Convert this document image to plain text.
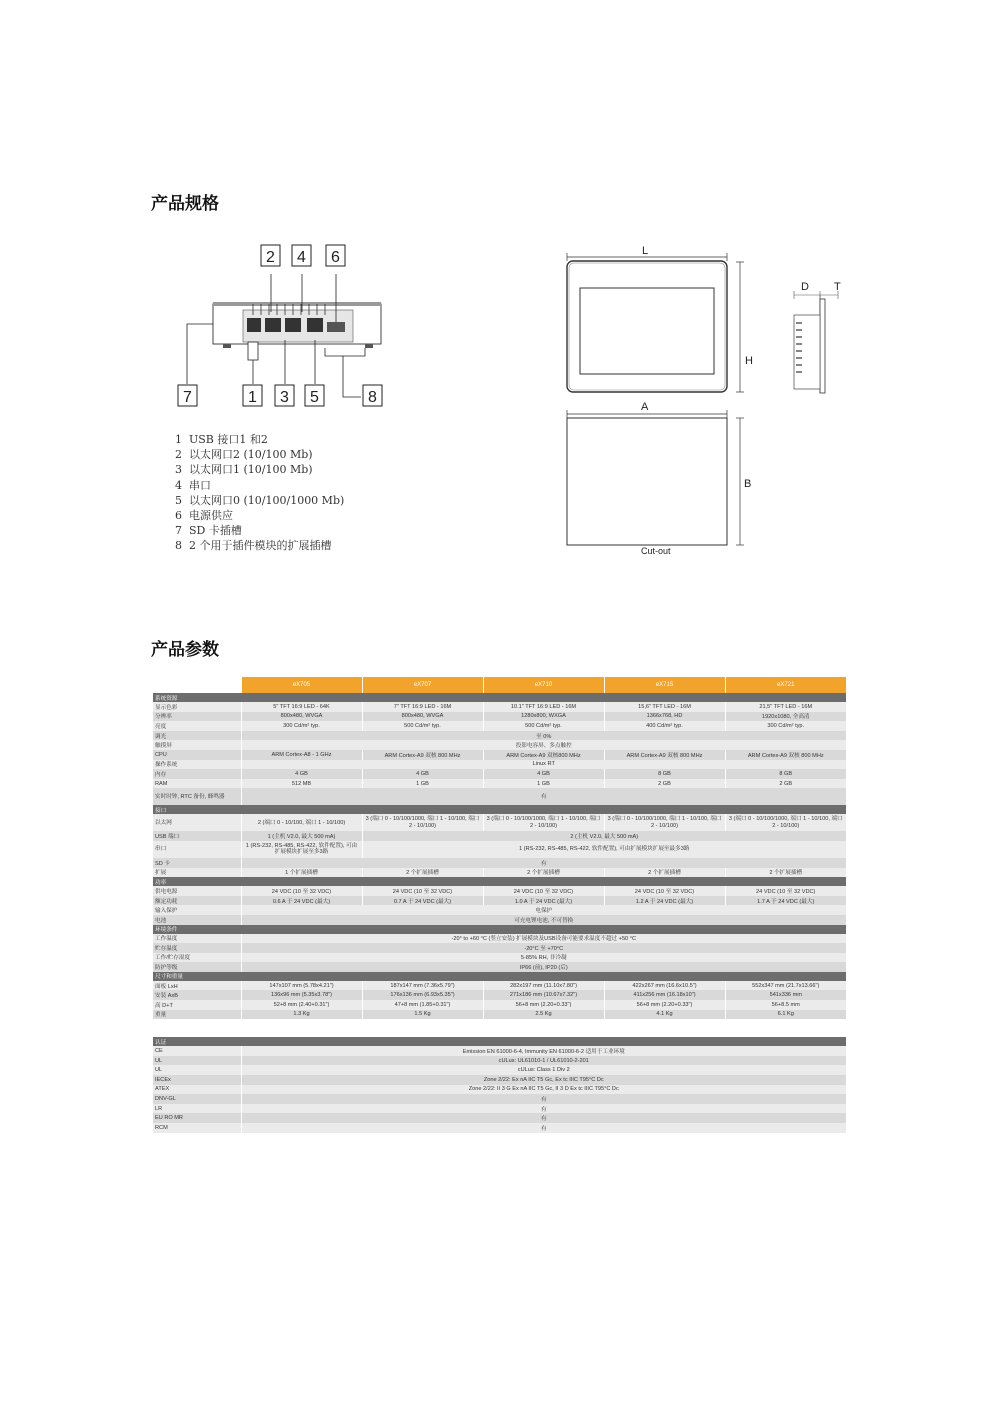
产品规格
2 4 6
7	1 3 5	8
1 USB 接口1 和2
2 以太网口2 (10/100 Mb)
3 以太网口1 (10/100 Mb)
4 串口
5 以太网口0 (10/100/1000 Mb)
6 电源供应
7 SD 卡插槽
8 2 个用于插件模块的扩展插槽
L
H
D T
A
B
Cut-out
产品参数
	eX705	eX707	eX710	eX715	eX721
系统资源					
显示色彩	5" TFT 16:9 LED - 64K	7" TFT 16:9 LED - 16M	10.1" TFT 16:9 LED - 16M	15,6" TFT LED - 16M	21,5" TFT LED - 16M
分辨率	800x480, WVGA	800x480, WVGA	1280x800, WXGA	1366x768, HD	1920x1080, 全高清
亮度	300 Cd/m² typ.	500 Cd/m² typ.	500 Cd/m² typ.	400 Cd/m² typ.	300 Cd/m² typ.
调光	至 0%				
触摸屏	投影电容屏、多点触控				
CPU	ARM Cortex-A8 - 1 GHz	ARM Cortex-A9 双核 800 MHz	ARM Cortex-A9 双核800 MHz	ARM Cortex-A9 双核 800 MHz	ARM Cortex-A9 双核 800 MHz
操作系统	Linux RT				
内存	4 GB	4 GB	4 GB	8 GB	8 GB
RAM	512 MB	1 GB	1 GB	2 GB	2 GB
实时时钟, RTC 备份, 蜂鸣器	有				
接口					
以太网	2 (端口 0 - 10/100, 端口 1 - 10/100)	3 (端口 0 - 10/100/1000, 端口 1 - 10/100, 端口 2 - 10/100)	3 (端口 0 - 10/100/1000, 端口 1 - 10/100, 端口 2 - 10/100)	3 (端口 0 - 10/100/1000, 端口 1 - 10/100, 端口 2 - 10/100)	3 (端口 0 - 10/100/1000, 端口 1 - 10/100, 端口 2 - 10/100)
USB 端口	1 (主机 V2.0, 最大 500 mA)	2 (主机 V2.0, 最大 500 mA)			
串口	1 (RS-232, RS-485, RS-422, 软件配置), 可由扩展模块扩展至多3路	1 (RS-232, RS-485, RS-422, 软件配置), 可由扩展模块扩展至最多3路			
SD 卡	有				
扩展	1 个扩展插槽	2 个扩展插槽	2 个扩展插槽	2 个扩展插槽	2 个扩展插槽
功率					
供电电源	24 VDC (10 至 32 VDC)	24 VDC (10 至 32 VDC)	24 VDC (10 至 32 VDC)	24 VDC (10 至 32 VDC)	24 VDC (10 至 32 VDC)
额定功耗	0.6 A 于 24 VDC (最大)	0.7 A 于 24 VDC (最大)	1.0 A 于 24 VDC (最大)	1.2 A 于 24 VDC (最大)	1.7 A 于 24 VDC (最大)
输入保护	电保护				
电池	可充电锂电池, 不可替换				
环境条件					
工作温度	-20° to +60 °C (竖立安装) 扩展模块及USB设备可能要求温度不超过 +50 °C				
贮存温度	-20°C 至 +70°C				
工作/贮存湿度	5-85% RH, 非冷凝				
防护等级	IP66 (前), IP20 (后)				
尺寸和重量					
面板 LxH	147x107 mm (5.78x4.21")	187x147 mm (7.36x5.79")	282x197 mm (11.10x7.80")	422x267 mm (16.6x10.5")	552x347 mm (21.7x13.66")
安装 AxB	136x96 mm (5.35x3.78")	176x136 mm (6.93x5.35")	271x186 mm (10.67x7.32")	411x256 mm (16.18x10")	541x336 mm
高 D+T	52+8 mm (2.40+0.31")	47+8 mm (1.85+0.31")	56+8 mm (2.20+0.33")	56+8 mm (2.20+0.33")	56+8.5 mm
重量	1.3 Kg	1.5 Kg	2.5 Kg	4.1 Kg	6.1 Kg

认证					
CE	Emission EN 61000-6-4, Immunity EN 61000-6-2 适用于工业环境				
UL	cULus: UL61010-1 / UL61010-2-201				
UL	cULus: Class 1 Div 2				
IECEx	Zone 2/22: Ex nA IIC T5 Gc, Ex tc IIIC T95°C Dc				
ATEX	Zone 2/22: II 3 G Ex nA IIC T5 Gc, II 3 D Ex tc IIIC T95°C Dc				
DNV-GL	有				
LR	有				
EU RO MR	有				
RCM	有				
